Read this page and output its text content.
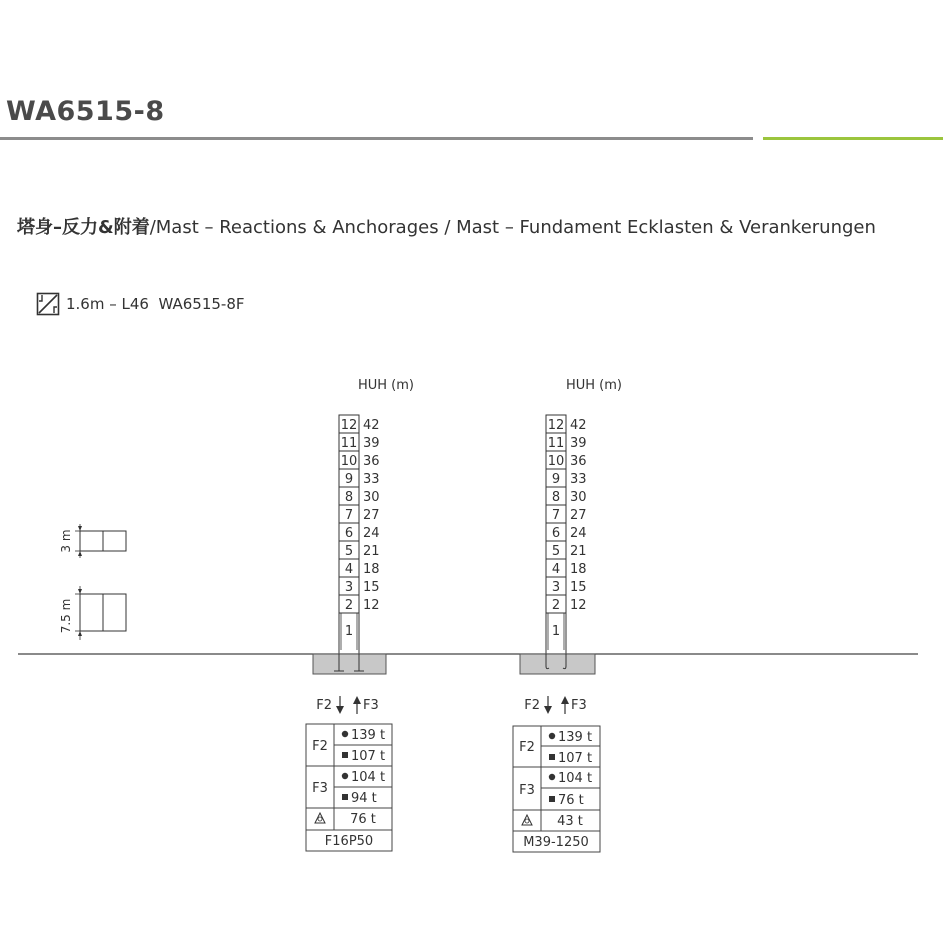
WA6515-8
塔身–反力&附着/Mast – Reactions & Anchorages / Mast – Fundament Ecklasten & Verankerungen
1.6m – L46  WA6515-8F
3 m
7.5 m
HUH (m)
12
11
10
9
8
7
6
5
4
3
2
42
39
36
33
30
27
24
21
18
15
12
1
F2 F3
F2
139 t
107 t
F3
104 t
94 t
76 t
F16P50
HUH (m)
12
11
10
9
8
7
6
5
4
3
2
42
39
36
33
30
27
24
21
18
15
12
1
F2 F3
F2
139 t
107 t
F3
104 t
76 t
43 t
M39-1250
